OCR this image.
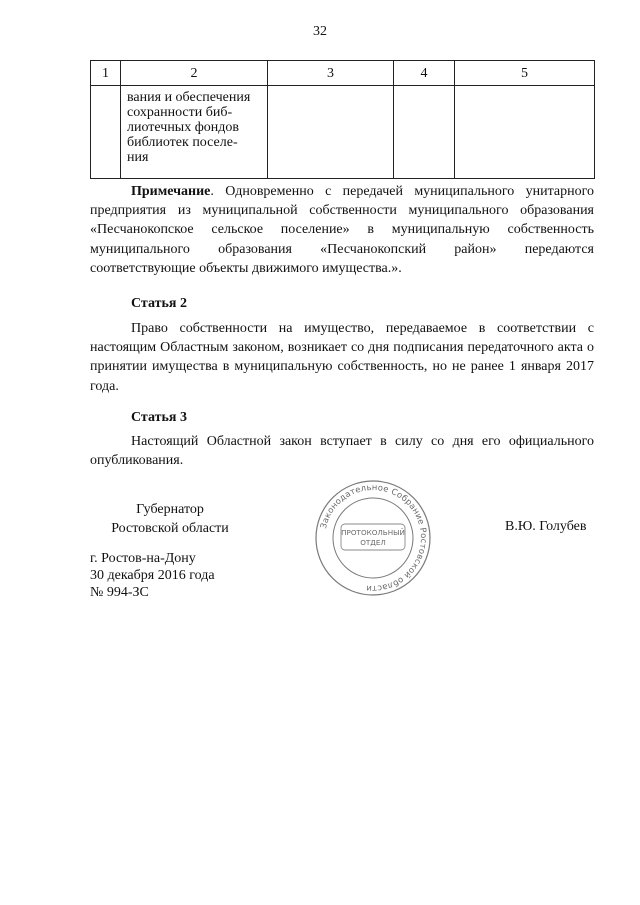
32
1	2	3	4	5

	вания и обеспечения
сохранности биб-
лиотечных фондов
библиотек поселе-
ния			

Примечание. Одновременно с передачей муниципального унитарного предприятия из муниципальной собственности муниципального образования «Песчанокопское сельское поселение» в муниципальную собственность муниципального образования «Песчанокопский район» передаются соответствующие объекты движимого имущества.».

Статья 2

Право собственности на имущество, передаваемое в соответствии с настоящим Областным законом, возникает со дня подписания передаточного акта о принятии имущества в муниципальную собственность, но не ранее 1 января 2017 года.

Статья 3

Настоящий Областной закон вступает в силу со дня его официального опубликования.

Губернатор
Ростовской области	Законодательное Собрание Ростовской области
ПРОТОКОЛЬНЫЙ
ОТДЕЛ
В.Ю. Голубев
г. Ростов-на-Дону
30 декабря 2016 года
№ 994-ЗС
